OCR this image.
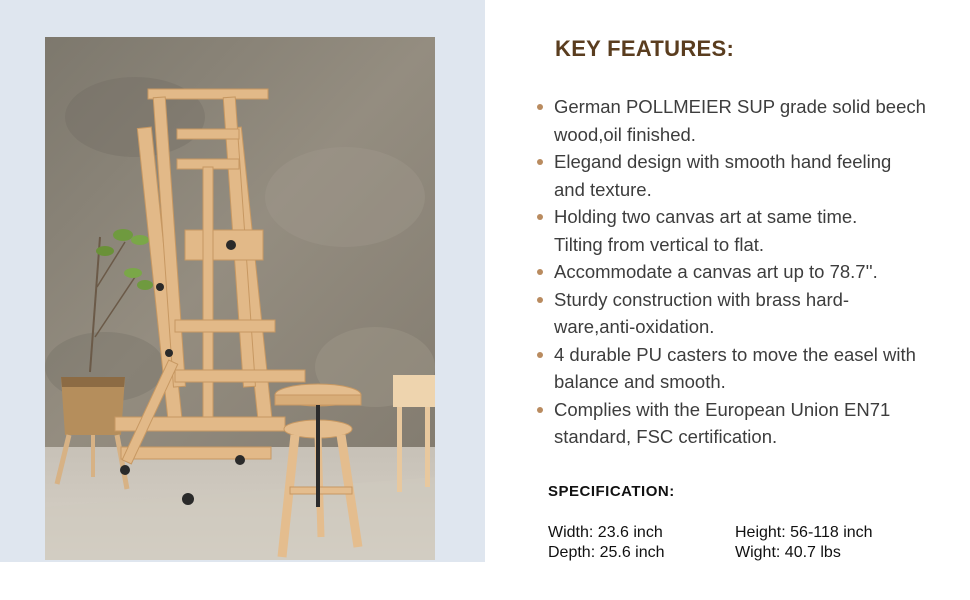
KEY FEATURES:
German POLLMEIER SUP grade solid beech
wood,oil finished.
Elegand design with smooth hand feeling
and texture.
Holding two canvas art at same time.
Tilting from vertical to flat.
Accommodate a canvas art up to 78.7''.
Sturdy construction with brass hard-
ware,anti-oxidation.
4 durable PU casters to move the easel with
balance and smooth.
Complies with the European Union EN71
standard, FSC certification.
SPECIFICATION:
Width: 23.6 inch	Height: 56-118 inch
Depth: 25.6 inch	Wight: 40.7 lbs
